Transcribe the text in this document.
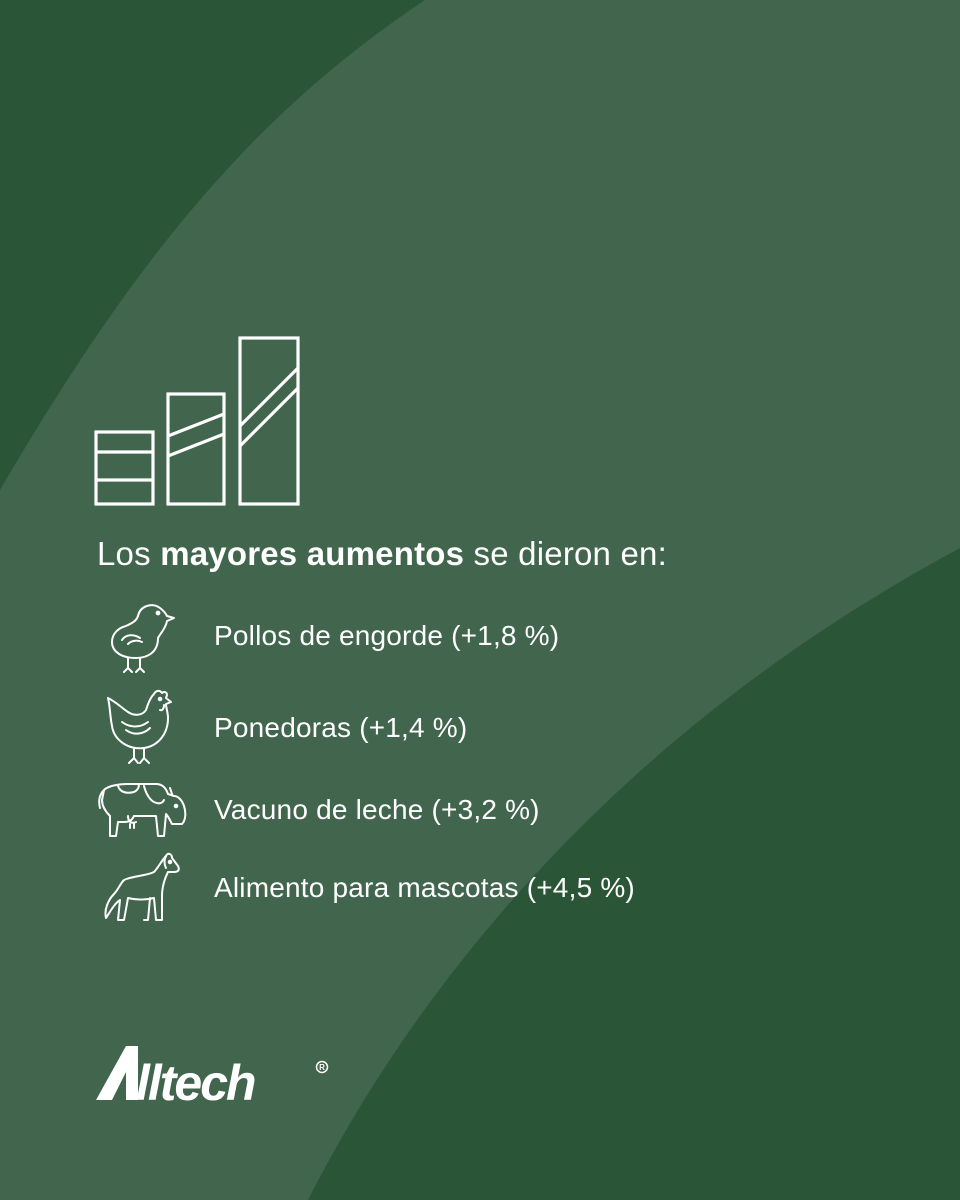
Los mayores aumentos se dieron en:
Pollos de engorde (+1,8 %)
Ponedoras (+1,4 %)
Vacuno de leche (+3,2 %)
Alimento para mascotas (+4,5 %)
lltech	R
